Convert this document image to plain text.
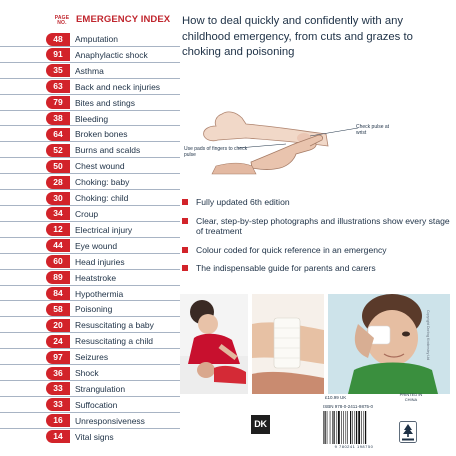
PAGE NO. EMERGENCY INDEX
48	Amputation
91	Anaphylactic shock
35	Asthma
63	Back and neck injuries
79	Bites and stings
38	Bleeding
64	Broken bones
52	Burns and scalds
50	Chest wound
28	Choking: baby
30	Choking: child
34	Croup
12	Electrical injury
44	Eye wound
60	Head injuries
89	Heatstroke
84	Hypothermia
58	Poisoning
20	Resuscitating a baby
24	Resuscitating a child
97	Seizures
36	Shock
33	Strangulation
33	Suffocation
16	Unresponsiveness
14	Vital signs
How to deal quickly and confidently with any childhood emergency, from cuts and grazes to choking and poisoning
Use pads of fingers to check pulse
Check pulse at wrist
Fully updated 6th edition
Clear, step-by-step photographs and illustrations show every stage of treatment
Colour coded for quick reference in an emergency
The indispensable guide for parents and carers
Copyright Dorling Kindersley Ltd
DK
£10.99 UK
PRINTED IN CHINA
ISBN 978-0-2411-9875-0
9 780241 198750
